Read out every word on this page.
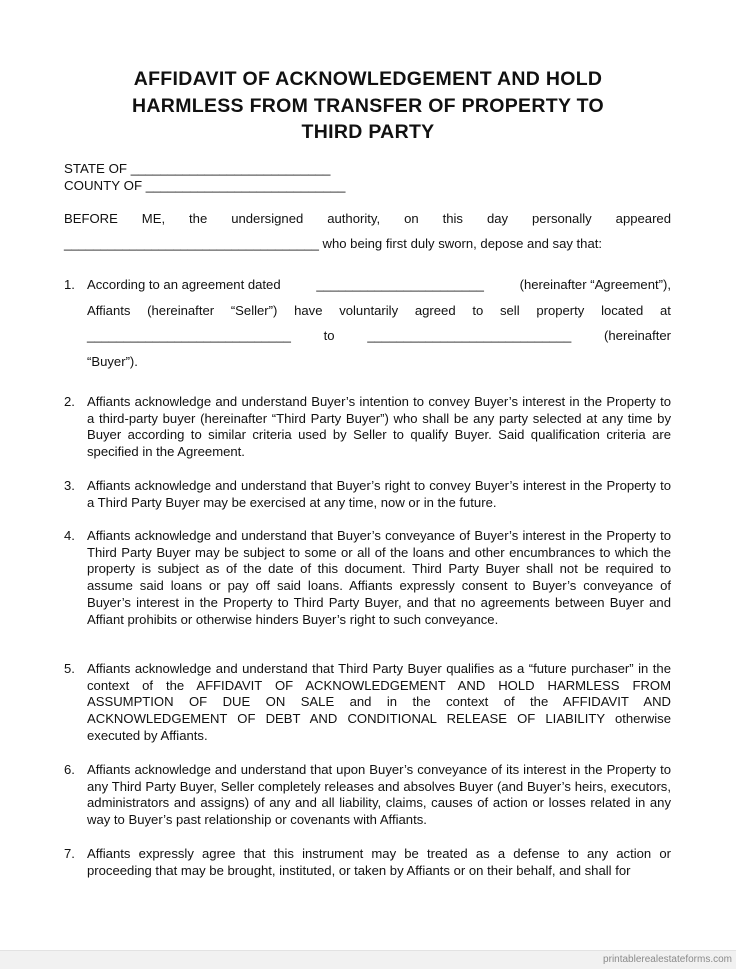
AFFIDAVIT OF ACKNOWLEDGEMENT AND HOLD
HARMLESS FROM TRANSFER OF PROPERTY TO
THIRD PARTY
STATE OF ___________________________
COUNTY OF ___________________________
BEFORE ME, the undersigned authority, on this day personally appeared
___________________________________ who being first duly sworn, depose and say that:
1. According to an agreement dated	_______________________	(hereinafter “Agreement”),
Affiants (hereinafter “Seller”) have voluntarily agreed to sell property located at
____________________________	to	____________________________	(hereinafter
“Buyer”).
2. Affiants acknowledge and understand Buyer’s intention to convey Buyer’s interest in the Property to a third-party buyer (hereinafter “Third Party Buyer”) who shall be any party selected at any time by Buyer according to similar criteria used by Seller to qualify Buyer. Said qualification criteria are specified in the Agreement.
3. Affiants acknowledge and understand that Buyer’s right to convey Buyer’s interest in the Property to a Third Party Buyer may be exercised at any time, now or in the future.
4. Affiants acknowledge and understand that Buyer’s conveyance of Buyer’s interest in the Property to Third Party Buyer may be subject to some or all of the loans and other encumbrances to which the property is subject as of the date of this document. Third Party Buyer shall not be required to assume said loans or pay off said loans. Affiants expressly consent to Buyer’s conveyance of Buyer’s interest in the Property to Third Party Buyer, and that no agreements between Buyer and Affiant prohibits or otherwise hinders Buyer’s right to such conveyance.
5. Affiants acknowledge and understand that Third Party Buyer qualifies as a “future purchaser” in the context of the AFFIDAVIT OF ACKNOWLEDGEMENT AND HOLD HARMLESS FROM ASSUMPTION OF DUE ON SALE and in the context of the AFFIDAVIT AND ACKNOWLEDGEMENT OF DEBT AND CONDITIONAL RELEASE OF LIABILITY otherwise executed by Affiants.
6. Affiants acknowledge and understand that upon Buyer’s conveyance of its interest in the Property to any Third Party Buyer, Seller completely releases and absolves Buyer (and Buyer’s heirs, executors, administrators and assigns) of any and all liability, claims, causes of action or losses related in any way to Buyer’s past relationship or covenants with Affiants.
7. Affiants expressly agree that this instrument may be treated as a defense to any action or proceeding that may be brought, instituted, or taken by Affiants or on their behalf, and shall for
printablerealestateforms.com
